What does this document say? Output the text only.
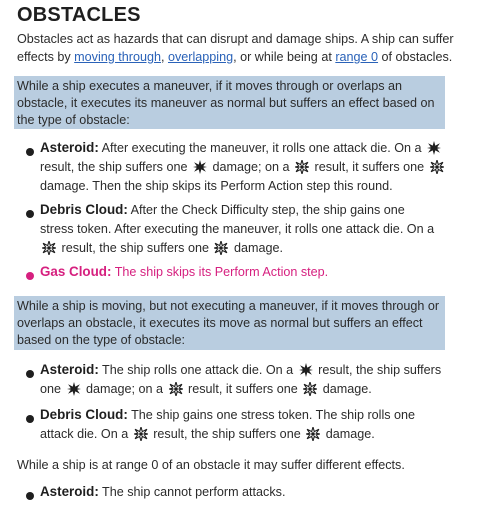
OBSTACLES
Obstacles act as hazards that can disrupt and damage ships. A ship can suffer
effects by moving through, overlapping, or while being at range 0 of obstacles.
While a ship executes a maneuver, if it moves through or overlaps an
obstacle, it executes its maneuver as normal but suffers an effect based on
the type of obstacle:
Asteroid: After executing the maneuver, it rolls one attack die. On a
result, the ship suffers one  damage; on a  result, it suffers one
damage. Then the ship skips its Perform Action step this round.
Debris Cloud: After the Check Difficulty step, the ship gains one
stress token. After executing the maneuver, it rolls one attack die. On a
result, the ship suffers one  damage.
Gas Cloud: The ship skips its Perform Action step.
While a ship is moving, but not executing a maneuver, if it moves through or
overlaps an obstacle, it executes its move as normal but suffers an effect
based on the type of obstacle:
Asteroid: The ship rolls one attack die. On a  result, the ship suffers
one  damage; on a  result, it suffers one  damage.
Debris Cloud: The ship gains one stress token. The ship rolls one
attack die. On a  result, the ship suffers one  damage.
While a ship is at range 0 of an obstacle it may suffer different effects.
Asteroid: The ship cannot perform attacks.
